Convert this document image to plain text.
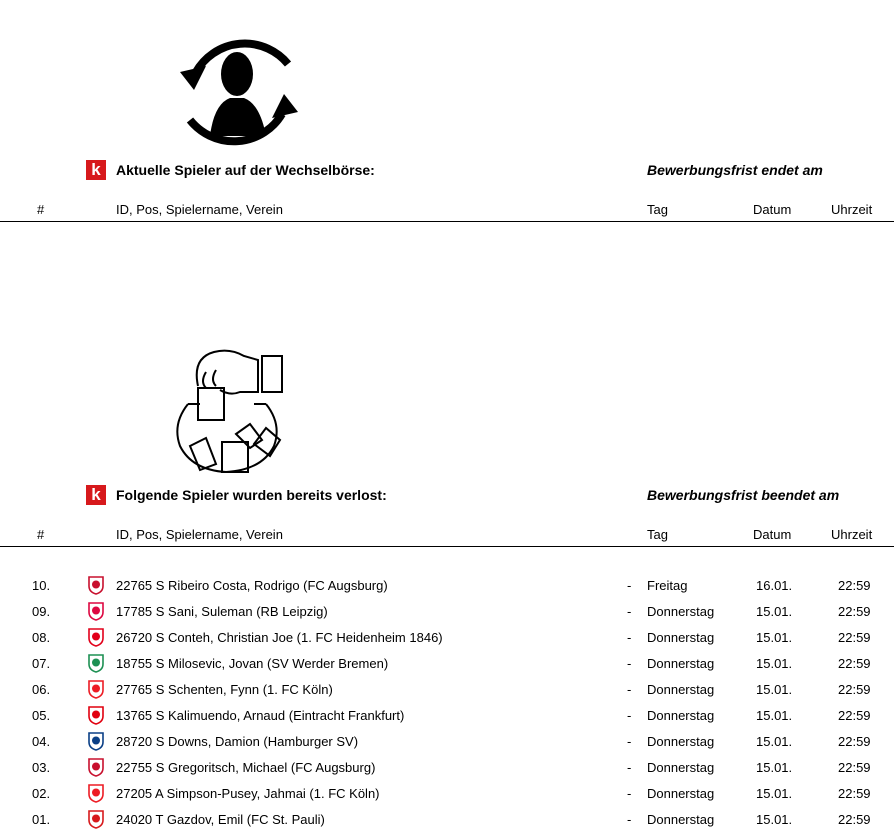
k	Aktuelle Spieler auf der Wechselbörse:	Bewerbungsfrist endet am
#	ID, Pos, Spielername, Verein	Tag	Datum	Uhrzeit
k	Folgende Spieler wurden bereits verlost:	Bewerbungsfrist beendet am
#	ID, Pos, Spielername, Verein	Tag	Datum	Uhrzeit
10.	22765 S Ribeiro Costa, Rodrigo (FC Augsburg)	- Freitag	16.01.	22:59
09.	17785 S Sani, Suleman (RB Leipzig)	- Donnerstag	15.01.	22:59
08.	26720 S Conteh, Christian Joe (1. FC Heidenheim 1846)	- Donnerstag	15.01.	22:59
07.	18755 S Milosevic, Jovan (SV Werder Bremen)	- Donnerstag	15.01.	22:59
06.	27765 S Schenten, Fynn (1. FC Köln)	- Donnerstag	15.01.	22:59
05.	13765 S Kalimuendo, Arnaud (Eintracht Frankfurt)	- Donnerstag	15.01.	22:59
04.	28720 S Downs, Damion (Hamburger SV)	- Donnerstag	15.01.	22:59
03.	22755 S Gregoritsch, Michael (FC Augsburg)	- Donnerstag	15.01.	22:59
02.	27205 A Simpson-Pusey, Jahmai (1. FC Köln)	- Donnerstag	15.01.	22:59
01.	24020 T Gazdov, Emil (FC St. Pauli)	- Donnerstag	15.01.	22:59
